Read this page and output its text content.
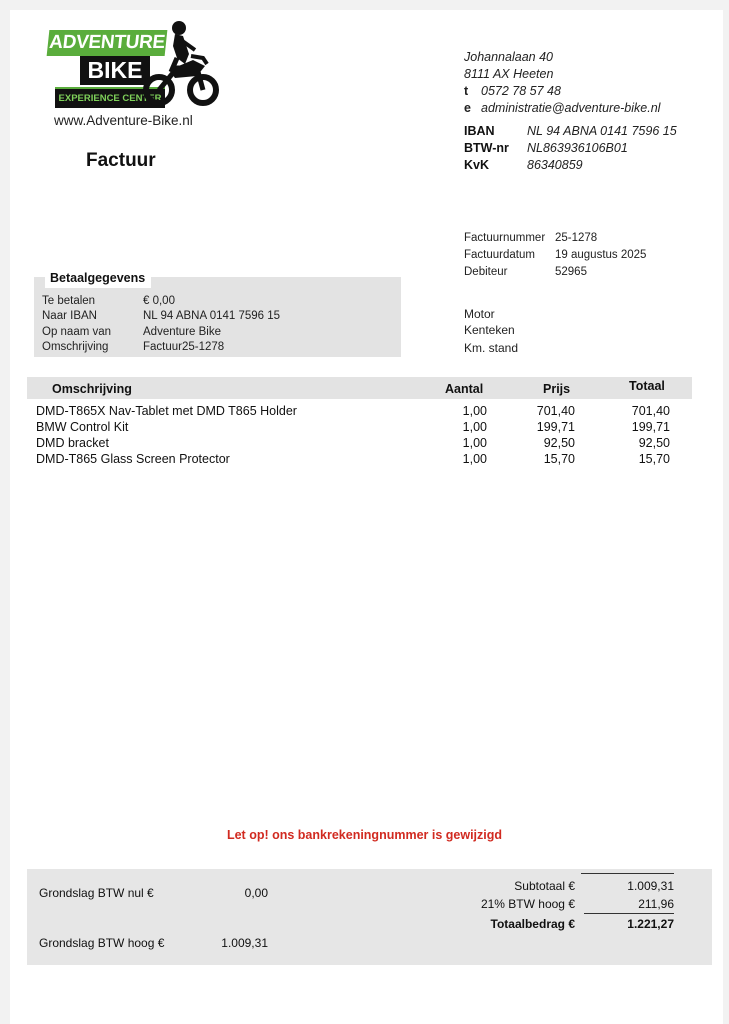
ADVENTURE
BIKE
EXPERIENCE CENTER
www.Adventure-Bike.nl
Factuur
Johannalaan 40
8111 AX Heeten
t 0572 78 57 48
e administratie@adventure-bike.nl
IBAN	NL 94 ABNA 0141 7596 15
BTW-nr NL863936106B01
KvK	86340859
Factuurnummer 25-1278
Factuurdatum 19 augustus 2025
Debiteur	52965
Motor
Kenteken
Km. stand
Betaalgegevens
Te betalen	€ 0,00
Naar IBAN	NL 94 ABNA 0141 7596 15
Op naam van	Adventure Bike
Omschrijving	Factuur25-1278
Omschrijving	Aantal	Prijs	Totaal
DMD-T865X Nav-Tablet met DMD T865 Holder	1,00	701,40	701,40
BMW Control Kit	1,00	199,71	199,71
DMD bracket	1,00	92,50	92,50
DMD-T865 Glass Screen Protector	1,00	15,70	15,70
Let op! ons bankrekeningnummer is gewijzigd
Grondslag BTW nul €	0,00
Grondslag BTW hoog €	1.009,31
Subtotaal €	1.009,31
21% BTW hoog €	211,96
Totaalbedrag €	1.221,27
